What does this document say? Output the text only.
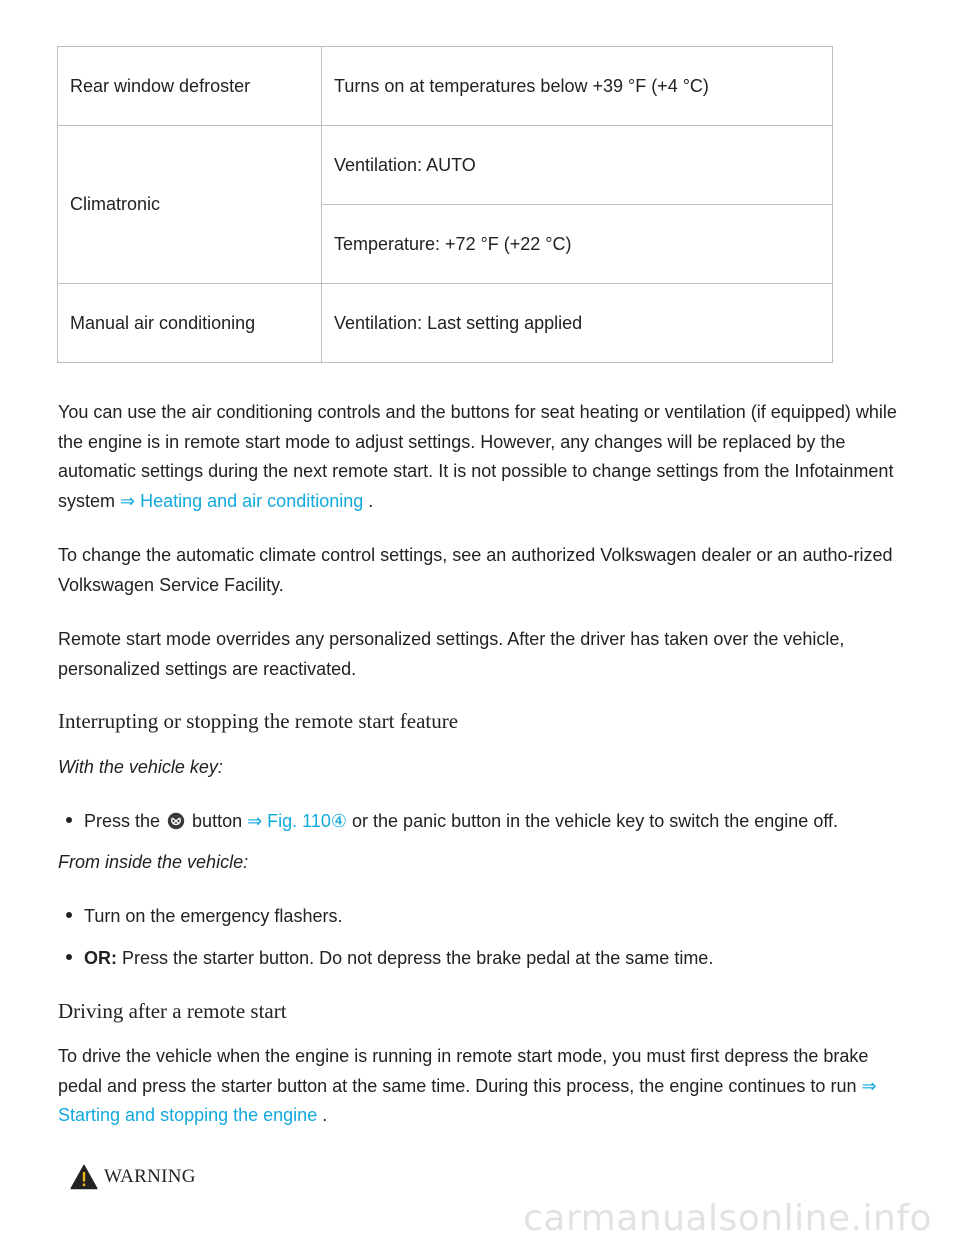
Rear window defroster	Turns on at temperatures below +39 °F (+4 °C)
Climatronic	Ventilation: AUTO
	Temperature: +72 °F (+22 °C)
Manual air conditioning	Ventilation: Last setting applied

You can use the air conditioning controls and the buttons for seat heating or ventilation (if equipped) while the engine is in remote start mode to adjust settings. However, any changes will be replaced by the automatic settings during the next remote start. It is not possible to change settings from the Infotainment system ⇒ Heating and air conditioning .

To change the automatic climate control settings, see an authorized Volkswagen dealer or an autho-rized Volkswagen Service Facility.

Remote start mode overrides any personalized settings. After the driver has taken over the vehicle, personalized settings are reactivated.

Interrupting or stopping the remote start feature

With the vehicle key:

Press the  button ⇒ Fig. 110④ or the panic button in the vehicle key to switch the engine off.

From inside the vehicle:

Turn on the emergency flashers.

OR: Press the starter button. Do not depress the brake pedal at the same time.

Driving after a remote start

To drive the vehicle when the engine is running in remote start mode, you must first depress the brake pedal and press the starter button at the same time. During this process, the engine continues to run ⇒ Starting and stopping the engine .

WARNING
carmanualsonline.info
